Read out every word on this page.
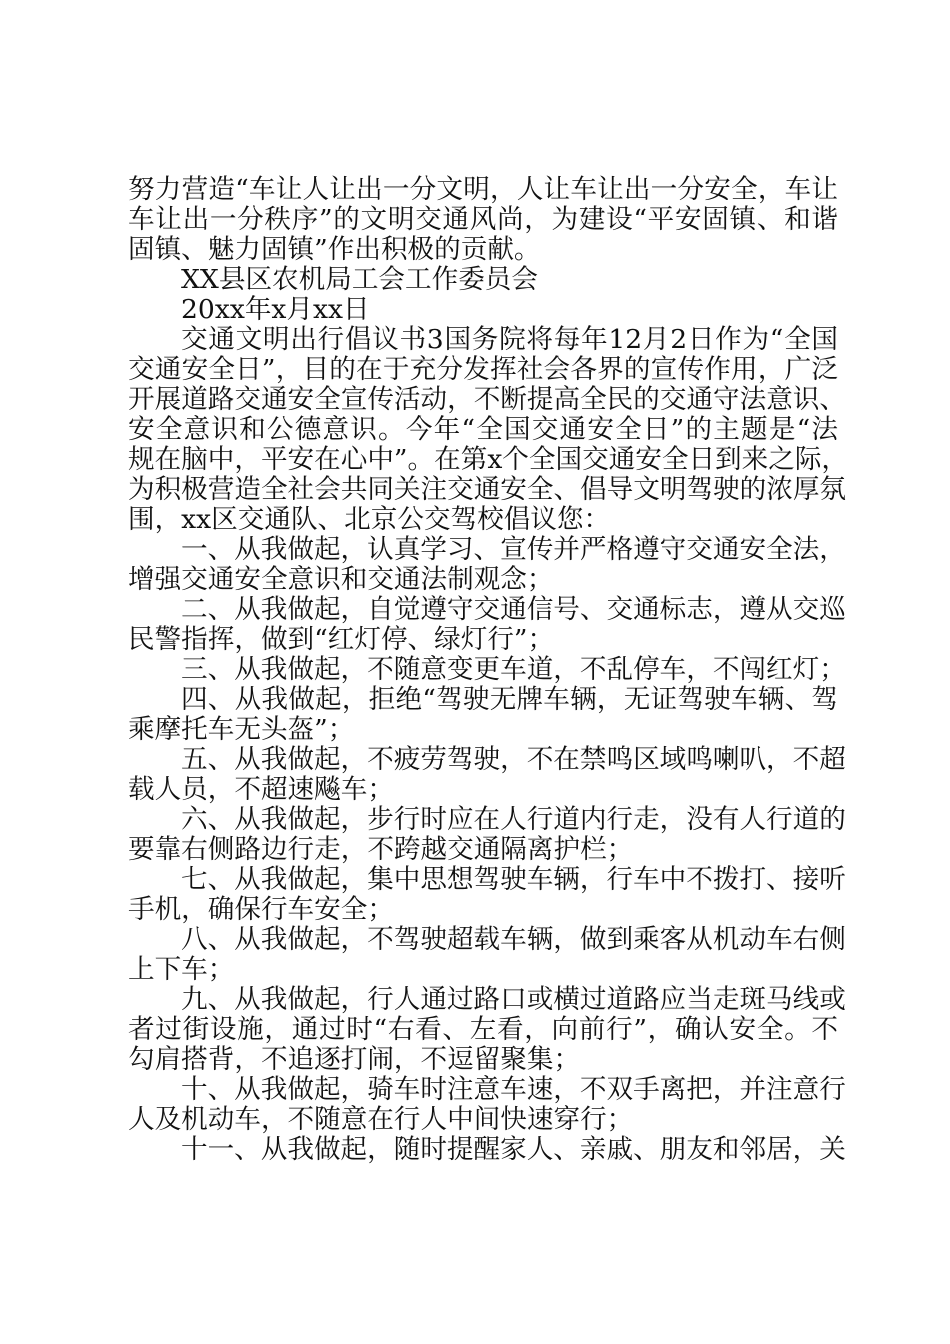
努力营造“车让人让出一分文明，人让车让出一分安全，车让
车让出一分秩序”的文明交通风尚，为建设“平安固镇、和谐
固镇、魅力固镇”作出积极的贡献。
XX县区农机局工会工作委员会
20xx年x月xx日
交通文明出行倡议书3国务院将每年12月2日作为“全国
交通安全日”，目的在于充分发挥社会各界的宣传作用，广泛
开展道路交通安全宣传活动，不断提高全民的交通守法意识、
安全意识和公德意识。今年“全国交通安全日”的主题是“法
规在脑中，平安在心中”。在第x个全国交通安全日到来之际，
为积极营造全社会共同关注交通安全、倡导文明驾驶的浓厚氛
围，xx区交通队、北京公交驾校倡议您：
一、从我做起，认真学习、宣传并严格遵守交通安全法，
增强交通安全意识和交通法制观念；
二、从我做起，自觉遵守交通信号、交通标志，遵从交巡
民警指挥，做到“红灯停、绿灯行”；
三、从我做起，不随意变更车道，不乱停车，不闯红灯；
四、从我做起，拒绝“驾驶无牌车辆，无证驾驶车辆、驾
乘摩托车无头盔”；
五、从我做起，不疲劳驾驶，不在禁鸣区域鸣喇叭，不超
载人员，不超速飚车；
六、从我做起，步行时应在人行道内行走，没有人行道的
要靠右侧路边行走，不跨越交通隔离护栏；
七、从我做起，集中思想驾驶车辆，行车中不拨打、接听
手机，确保行车安全；
八、从我做起，不驾驶超载车辆，做到乘客从机动车右侧
上下车；
九、从我做起，行人通过路口或横过道路应当走斑马线或
者过街设施，通过时“右看、左看，向前行”，确认安全。不
勾肩搭背，不追逐打闹，不逗留聚集；
十、从我做起，骑车时注意车速，不双手离把，并注意行
人及机动车，不随意在行人中间快速穿行；
十一、从我做起，随时提醒家人、亲戚、朋友和邻居，关
